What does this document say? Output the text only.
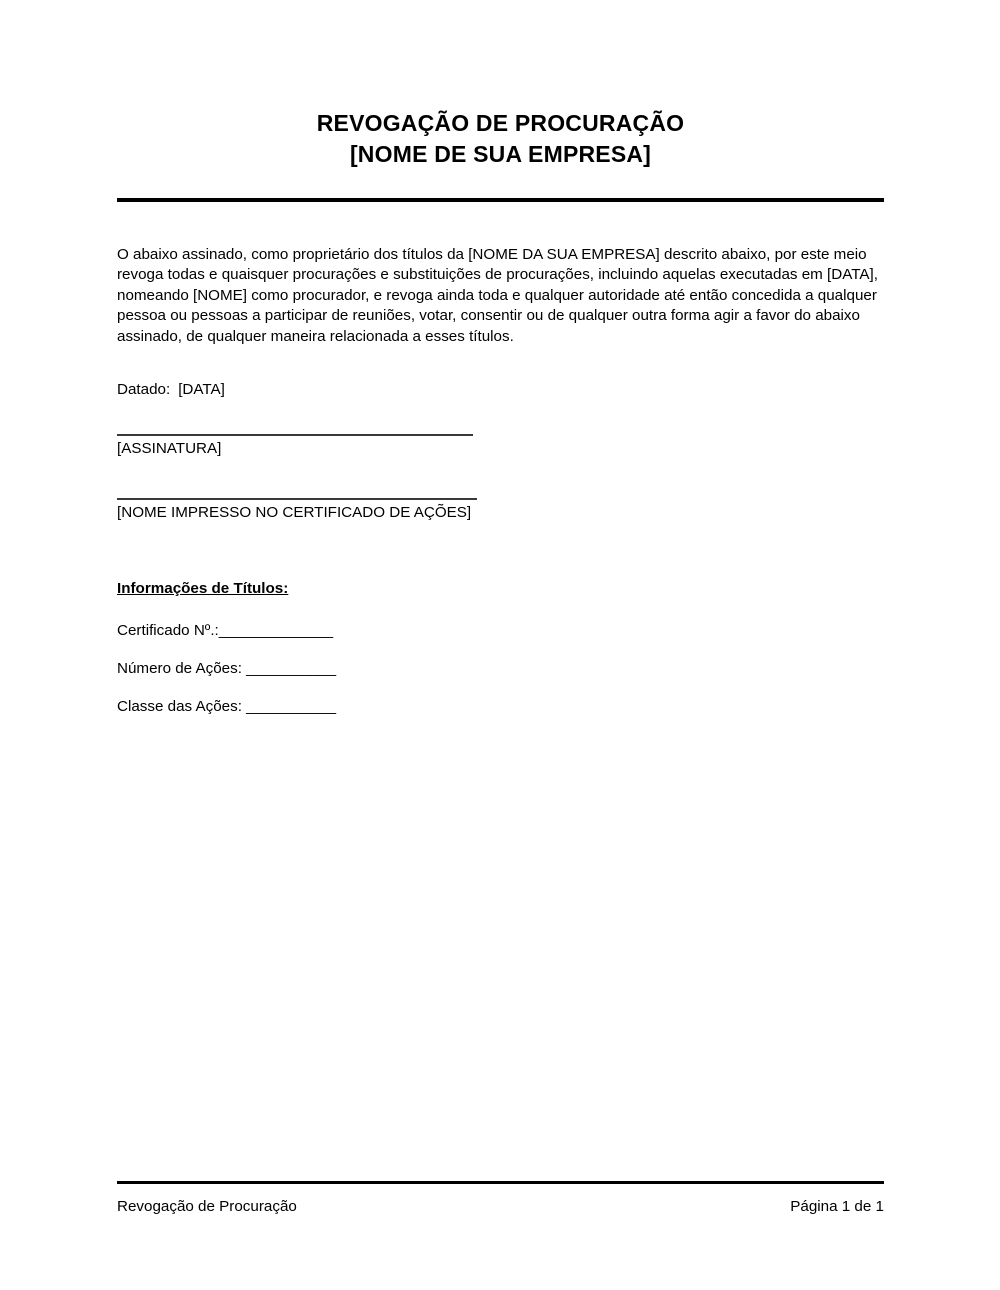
REVOGAÇÃO DE PROCURAÇÃO
[NOME DE SUA EMPRESA]

O abaixo assinado, como proprietário dos títulos da [NOME DA SUA EMPRESA] descrito abaixo, por este meio revoga todas e quaisquer procurações e substituições de procurações, incluindo aquelas executadas em [DATA], nomeando [NOME] como procurador, e revoga ainda toda e qualquer autoridade até então concedida a qualquer pessoa ou pessoas a participar de reuniões, votar, consentir ou de qualquer outra forma agir a favor do abaixo assinado, de qualquer maneira relacionada a esses títulos.

Datado: [DATA]
[ASSINATURA]
[NOME IMPRESSO NO CERTIFICADO DE AÇÕES]
Informações de Títulos:
Certificado Nº.:______________
Número de Ações: ___________
Classe das Ações: ___________
Revogação de Procuração	Página 1 de 1
